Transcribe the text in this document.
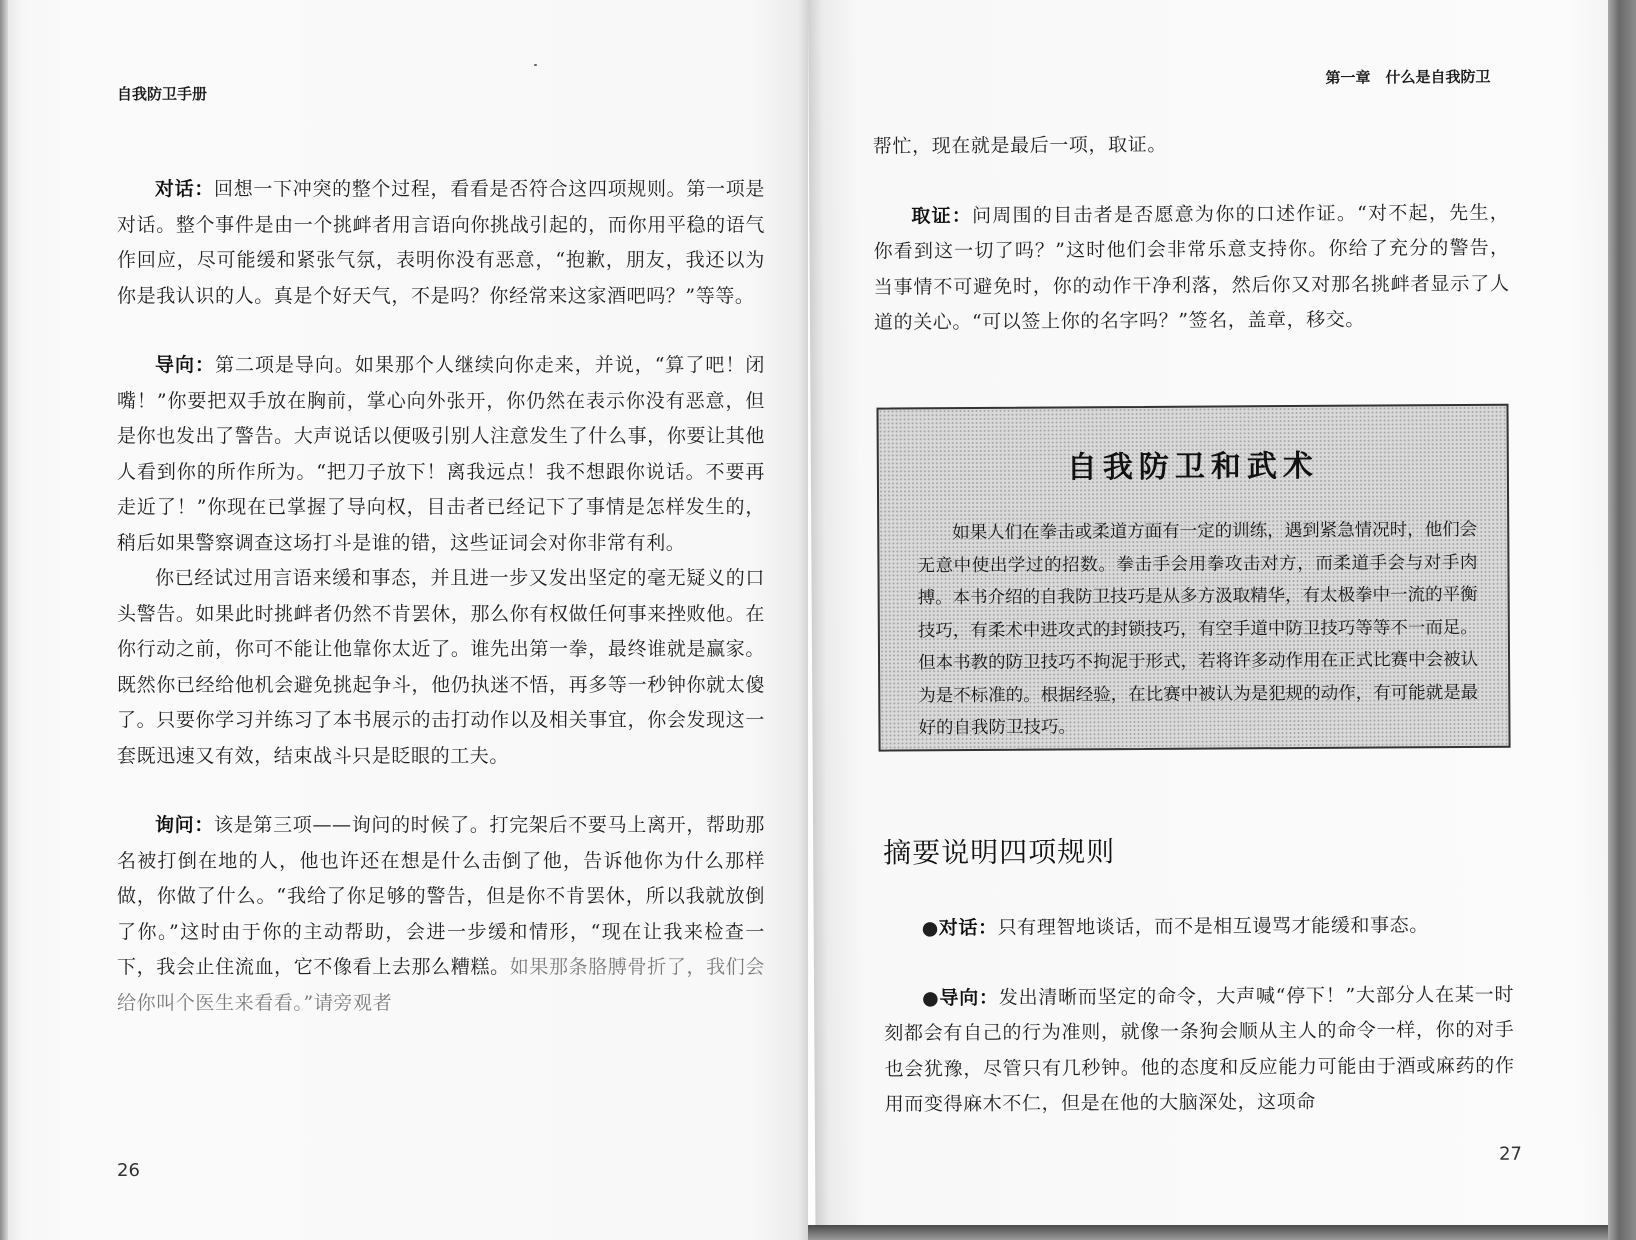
自我防卫手册

对话：回想一下冲突的整个过程，看看是否符合这四项规则。第一项是对话。整个事件是由一个挑衅者用言语向你挑战引起的，而你用平稳的语气作回应，尽可能缓和紧张气氛，表明你没有恶意，“抱歉，朋友，我还以为你是我认识的人。真是个好天气，不是吗？你经常来这家酒吧吗？”等等。

导向：第二项是导向。如果那个人继续向你走来，并说，“算了吧！闭嘴！”你要把双手放在胸前，掌心向外张开，你仍然在表示你没有恶意，但是你也发出了警告。大声说话以便吸引别人注意发生了什么事，你要让其他人看到你的所作所为。“把刀子放下！离我远点！我不想跟你说话。不要再走近了！”你现在已掌握了导向权，目击者已经记下了事情是怎样发生的，稍后如果警察调查这场打斗是谁的错，这些证词会对你非常有利。

你已经试过用言语来缓和事态，并且进一步又发出坚定的毫无疑义的口头警告。如果此时挑衅者仍然不肯罢休，那么你有权做任何事来挫败他。在你行动之前，你可不能让他靠你太近了。谁先出第一拳，最终谁就是赢家。既然你已经给他机会避免挑起争斗，他仍执迷不悟，再多等一秒钟你就太傻了。只要你学习并练习了本书展示的击打动作以及相关事宜，你会发现这一套既迅速又有效，结束战斗只是眨眼的工夫。

询问：该是第三项——询问的时候了。打完架后不要马上离开，帮助那名被打倒在地的人，他也许还在想是什么击倒了他，告诉他你为什么那样做，你做了什么。“我给了你足够的警告，但是你不肯罢休，所以我就放倒了你。”这时由于你的主动帮助，会进一步缓和情形，“现在让我来检查一下，我会止住流血，它不像看上去那么糟糕。如果那条胳膊骨折了，我们会给你叫个医生来看看。”请旁观者

26
第一章　什么是自我防卫

帮忙，现在就是最后一项，取证。

取证：问周围的目击者是否愿意为你的口述作证。“对不起，先生，你看到这一切了吗？”这时他们会非常乐意支持你。你给了充分的警告，当事情不可避免时，你的动作干净利落，然后你又对那名挑衅者显示了人道的关心。“可以签上你的名字吗？”签名，盖章，移交。

自我防卫和武术

如果人们在拳击或柔道方面有一定的训练，遇到紧急情况时，他们会无意中使出学过的招数。拳击手会用拳攻击对方，而柔道手会与对手肉搏。本书介绍的自我防卫技巧是从多方汲取精华，有太极拳中一流的平衡技巧，有柔术中进攻式的封锁技巧，有空手道中防卫技巧等等不一而足。但本书教的防卫技巧不拘泥于形式，若将许多动作用在正式比赛中会被认为是不标准的。根据经验，在比赛中被认为是犯规的动作，有可能就是最好的自我防卫技巧。

摘要说明四项规则

●对话：只有理智地谈话，而不是相互谩骂才能缓和事态。

●导向：发出清晰而坚定的命令，大声喊“停下！”大部分人在某一时刻都会有自己的行为准则，就像一条狗会顺从主人的命令一样，你的对手也会犹豫，尽管只有几秒钟。他的态度和反应能力可能由于酒或麻药的作用而变得麻木不仁，但是在他的大脑深处，这项命

27
